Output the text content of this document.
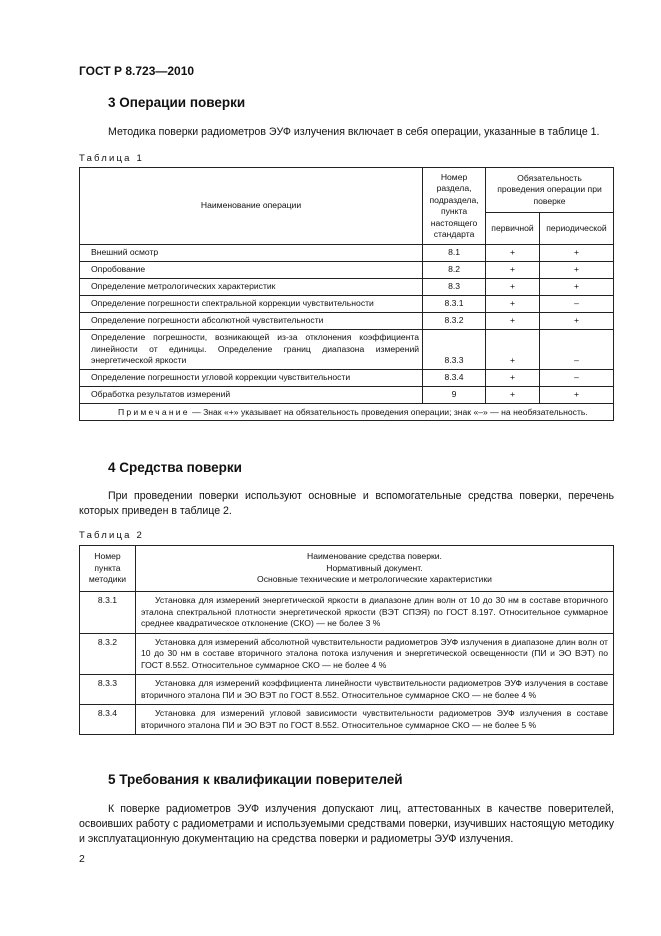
ГОСТ Р 8.723—2010
3 Операции поверки
Методика поверки радиометров ЭУФ излучения включает в себя операции, указанные в таблице 1.
Таблица 1
Наименование операции	Номер раздела, подраздела, пункта настоящего стандарта	Обязательность проведения операции при поверке	
		первичной	периодической
Внешний осмотр	8.1	+	+
Опробование	8.2	+	+
Определение метрологических характеристик	8.3	+	+
Определение погрешности спектральной коррекции чувствительности	8.3.1	+	–
Определение погрешности абсолютной чувствительности	8.3.2	+	+
Определение погрешности, возникающей из-за отклонения коэффициента линейности от единицы. Определение границ диапазона измерений энергетической яркости	8.3.3	+	–
Определение погрешности угловой коррекции чувствительности	8.3.4	+	–
Обработка результатов измерений	9	+	+
Примечание — Знак «+» указывает на обязательность проведения операции; знак «–» — на необязательность.			
4 Средства поверки
При проведении поверки используют основные и вспомогательные средства поверки, перечень которых приведен в таблице 2.
Таблица 2
Номер пункта методики	Наименование средства поверки.
Нормативный документ.
Основные технические и метрологические характеристики

8.3.1	Установка для измерений энергетической яркости в диапазоне длин волн от 10 до 30 нм в составе вторичного эталона спектральной плотности энергетической яркости (ВЭТ СПЭЯ) по ГОСТ 8.197. Относительное суммарное среднее квадратическое отклонение (СКО) — не более 3 %
8.3.2	Установка для измерений абсолютной чувствительности радиометров ЭУФ излучения в диапазоне длин волн от 10 до 30 нм в составе вторичного эталона потока излучения и энергетической освещенности (ПИ и ЭО ВЭТ) по ГОСТ 8.552. Относительное суммарное СКО — не более 4 %
8.3.3	Установка для измерений коэффициента линейности чувствительности радиометров ЭУФ излучения в составе вторичного эталона ПИ и ЭО ВЭТ по ГОСТ 8.552. Относительное суммарное СКО — не более 4 %
8.3.4	Установка для измерений угловой зависимости чувствительности радиометров ЭУФ излучения в составе вторичного эталона ПИ и ЭО ВЭТ по ГОСТ 8.552. Относительное суммарное СКО — не более 5 %
5 Требования к квалификации поверителей
К поверке радиометров ЭУФ излучения допускают лиц, аттестованных в качестве поверителей, освоивших работу с радиометрами и используемыми средствами поверки, изучивших настоящую методику и эксплуатационную документацию на средства поверки и радиометры ЭУФ излучения.
2
